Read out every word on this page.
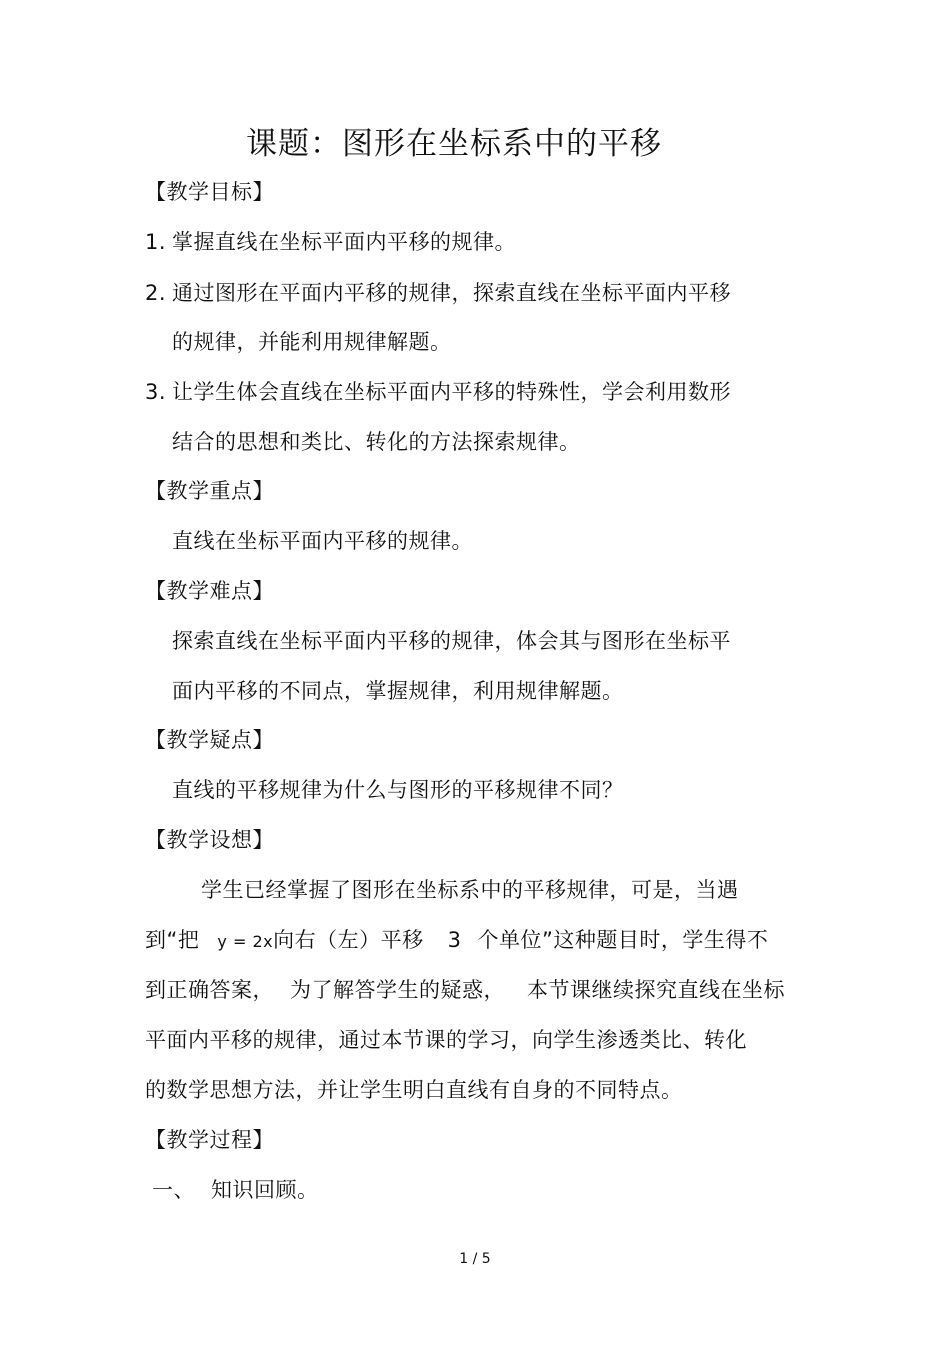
课题：图形在坐标系中的平移
【教学目标】
1. 掌握直线在坐标平面内平移的规律。
2. 通过图形在平面内平移的规律，探索直线在坐标平面内平移
的规律，并能利用规律解题。
3. 让学生体会直线在坐标平面内平移的特殊性，学会利用数形
结合的思想和类比、转化的方法探索规律。
【教学重点】
直线在坐标平面内平移的规律。
【教学难点】
探索直线在坐标平面内平移的规律，体会其与图形在坐标平
面内平移的不同点，掌握规律，利用规律解题。
【教学疑点】
直线的平移规律为什么与图形的平移规律不同？
【教学设想】
学生已经掌握了图形在坐标系中的平移规律，可是，当遇
到“把 y = 2x向右（左）平移 3 个单位”这种题目时，学生得不
到正确答案， 为了解答学生的疑惑， 本节课继续探究直线在坐标
平面内平移的规律，通过本节课的学习，向学生渗透类比、转化
的数学思想方法，并让学生明白直线有自身的不同特点。
【教学过程】
一、 知识回顾。
1 / 5
